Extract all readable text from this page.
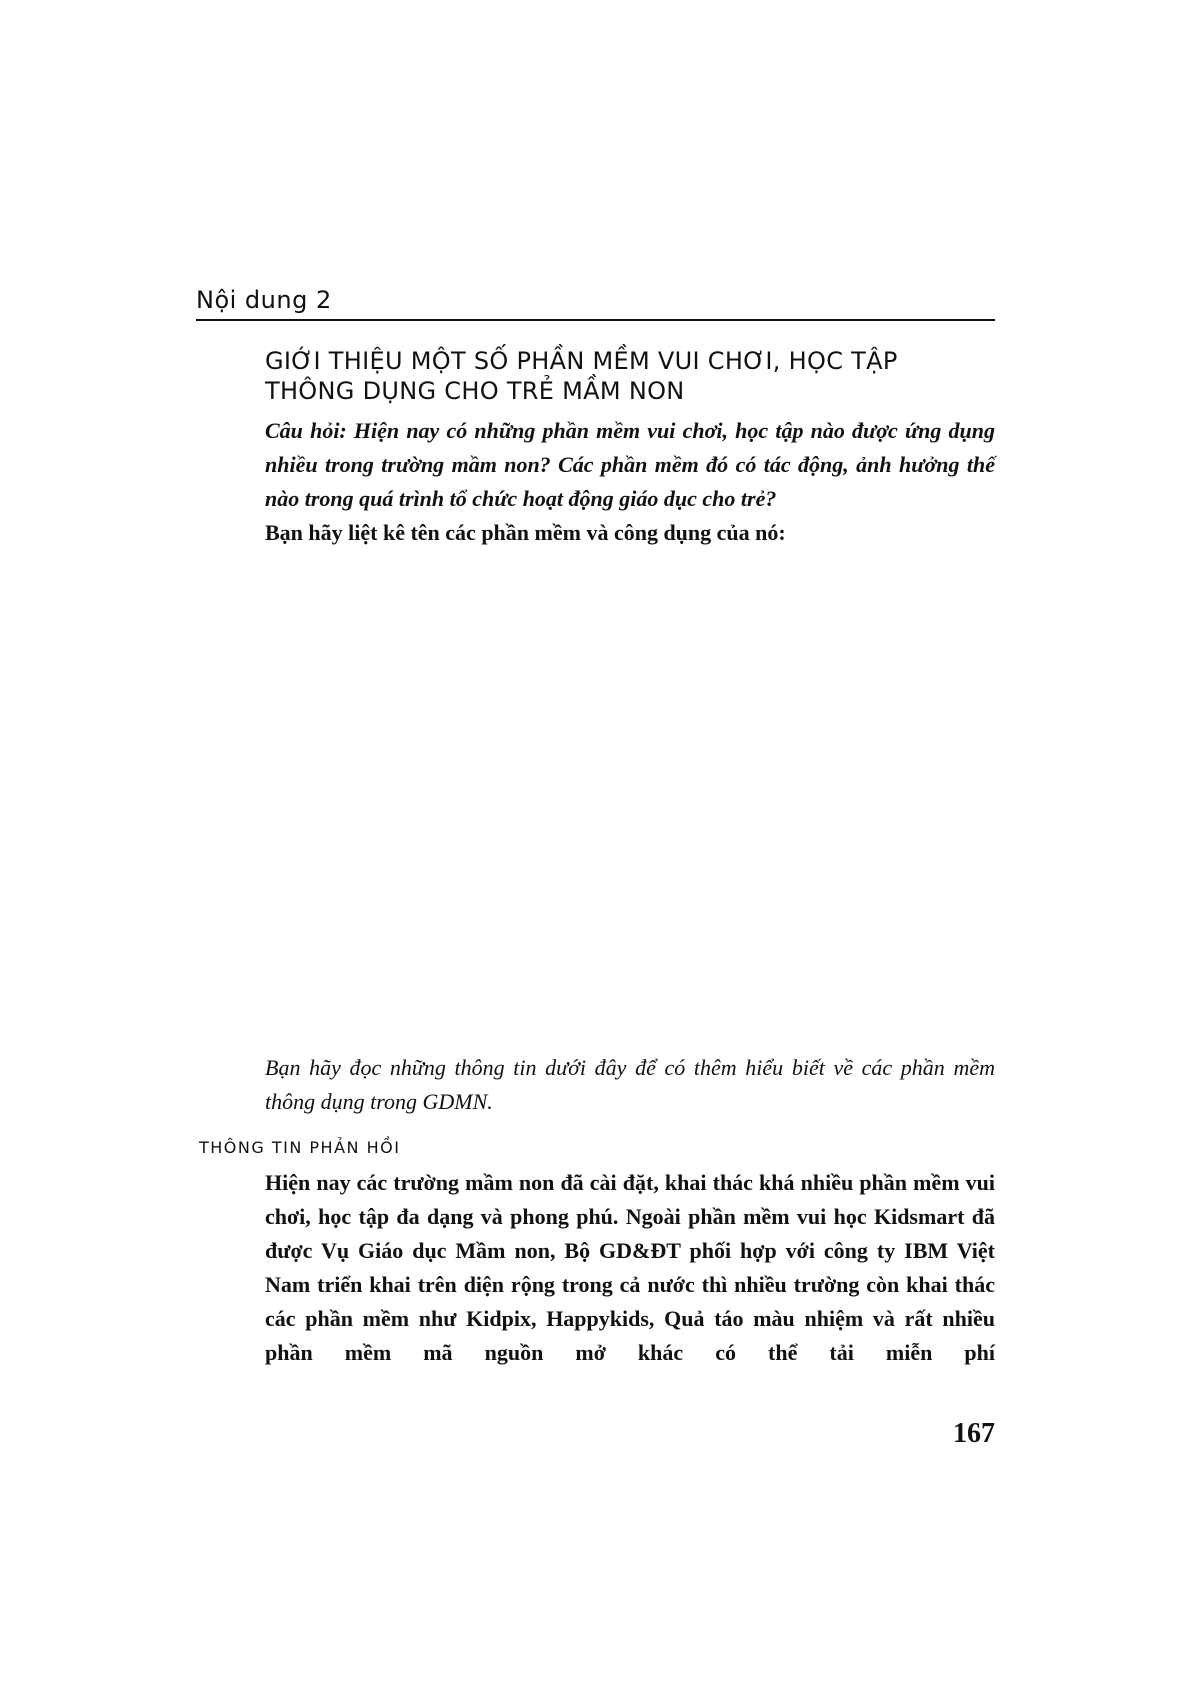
Nội dung 2
GIỚI THIỆU MỘT SỐ PHẦN MỀM VUI CHƠI, HỌC TẬP THÔNG DỤNG CHO TRẺ MẦM NON

Câu hỏi: Hiện nay có những phần mềm vui chơi, học tập nào được ứng dụng nhiều trong trường mầm non? Các phần mềm đó có tác động, ảnh hưởng thế nào trong quá trình tổ chức hoạt động giáo dục cho trẻ?

Bạn hãy liệt kê tên các phần mềm và công dụng của nó:

Bạn hãy đọc những thông tin dưới đây để có thêm hiểu biết về các phần mềm thông dụng trong GDMN.

THÔNG TIN PHẢN HỒI

Hiện nay các trường mầm non đã cài đặt, khai thác khá nhiều phần mềm vui chơi, học tập đa dạng và phong phú. Ngoài phần mềm vui học Kidsmart đã được Vụ Giáo dục Mầm non, Bộ GD&ĐT phối hợp với công ty IBM Việt Nam triển khai trên diện rộng trong cả nước thì nhiều trường còn khai thác các phần mềm như Kidpix, Happykids, Quả táo màu nhiệm và rất nhiều phần mềm mã nguồn mở khác có thể tải miễn phí

167
